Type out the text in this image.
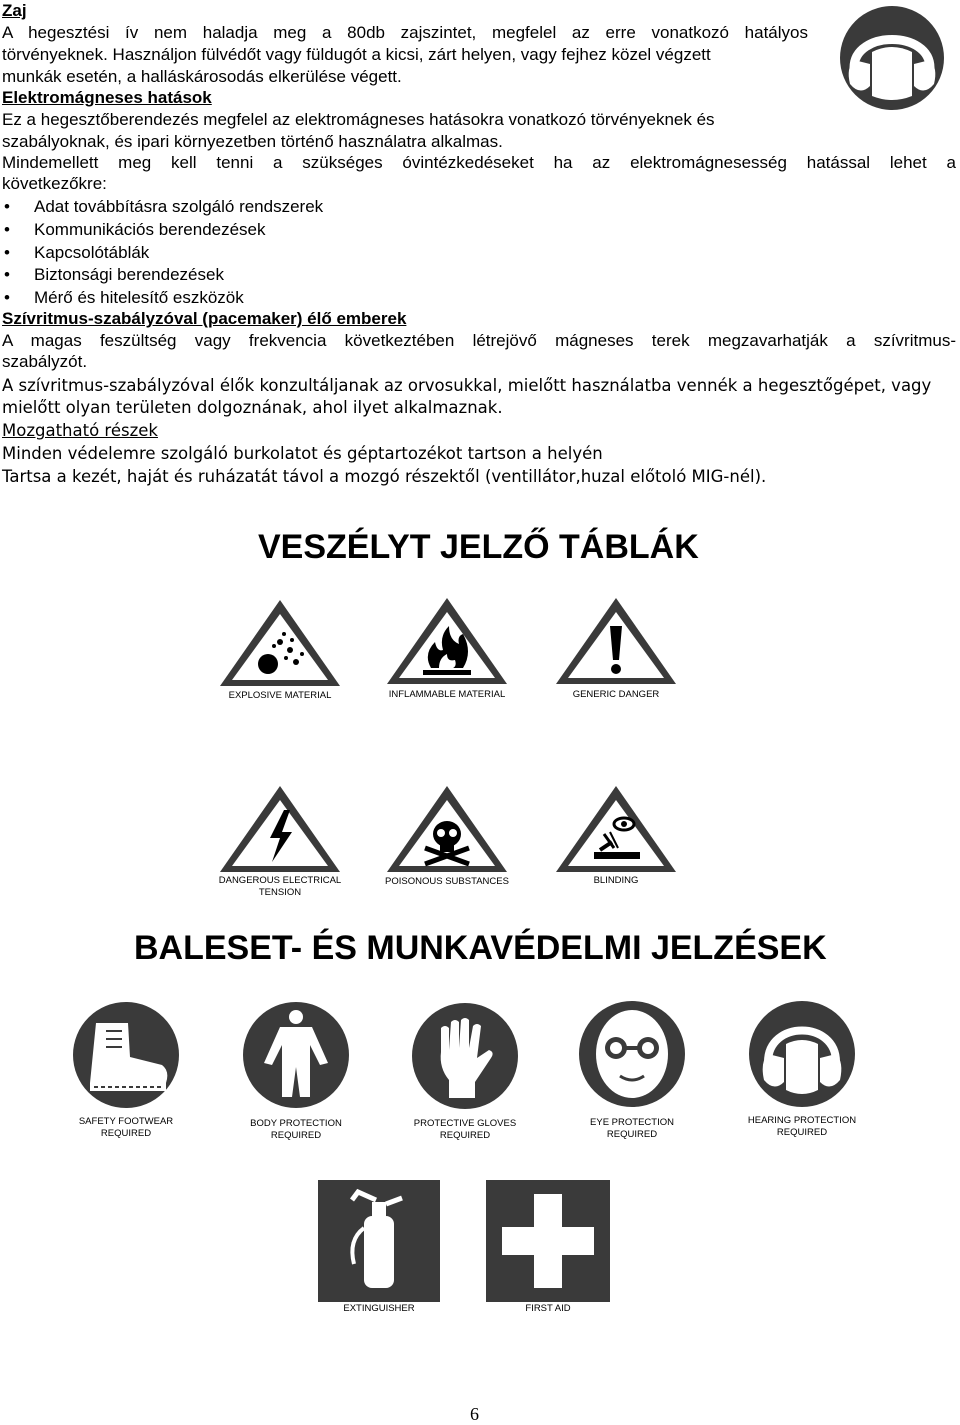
Zaj
A hegesztési ív nem haladja meg a 80db zajszintet, megfelel az erre vonatkozó hatályos
törvényeknek. Használjon fülvédőt vagy füldugót a kicsi, zárt helyen, vagy fejhez közel végzett
munkák esetén, a halláskárosodás elkerülése végett.
Elektromágneses hatások
Ez a hegesztőberendezés megfelel az elektromágneses hatásokra vonatkozó törvényeknek és
szabályoknak, és ipari környezetben történő használatra alkalmas.
Mindemellett meg kell tenni a szükséges óvintézkedéseket ha az elektromágnesesség hatással lehet a
következőkre:
• Adat továbbításra szolgáló rendszerek
• Kommunikációs berendezések
• Kapcsolótáblák
• Biztonsági berendezések
• Mérő és hitelesítő eszközök
Szívritmus-szabályzóval (pacemaker) élő emberek
A magas feszültség vagy frekvencia következtében létrejövő mágneses terek megzavarhatják a szívritmus-
szabályzót.
A szívritmus-szabályzóval élők konzultáljanak az orvosukkal, mielőtt használatba vennék a hegesztőgépet, vagy
mielőtt olyan területen dolgoznának, ahol ilyet alkalmaznak.
Mozgatható részek
Minden védelemre szolgáló burkolatot és géptartozékot tartson a helyén
Tartsa a kezét, haját és ruházatát távol a mozgó részektől (ventillátor,huzal előtoló MIG-nél).
VESZÉLYT JELZŐ TÁBLÁK
EXPLOSIVE MATERIAL	INFLAMMABLE MATERIAL	GENERIC DANGER
DANGEROUS ELECTRICAL
TENSION
POISONOUS SUBSTANCES	BLINDING
BALESET- ÉS MUNKAVÉDELMI JELZÉSEK
SAFETY FOOTWEAR
REQUIRED
BODY PROTECTION
REQUIRED
PROTECTIVE GLOVES
REQUIRED
EYE PROTECTION
REQUIRED
HEARING PROTECTION
REQUIRED
EXTINGUISHER	FIRST AID
6
